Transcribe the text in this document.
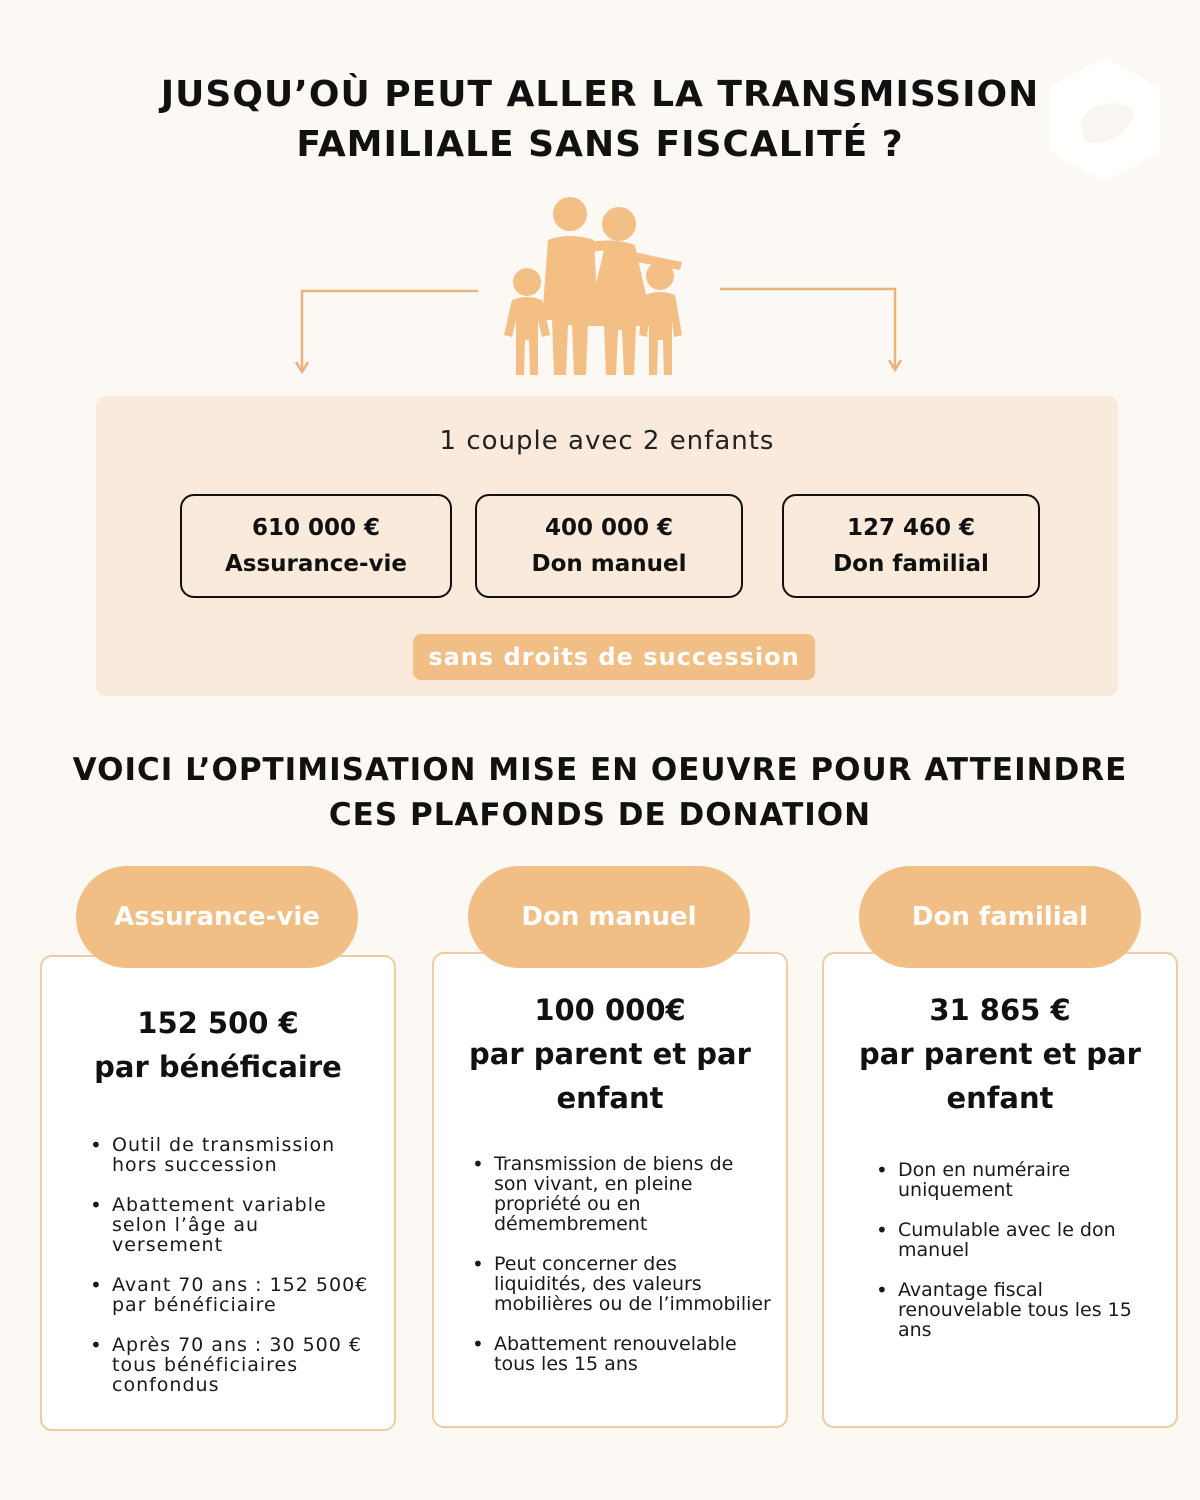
JUSQU’OÙ PEUT ALLER LA TRANSMISSION
FAMILIALE SANS FISCALITÉ ?
1 couple avec 2 enfants
610 000 €
Assurance-vie
400 000 €
Don manuel
127 460 €
Don familial
sans droits de succession
VOICI L’OPTIMISATION MISE EN OEUVRE POUR ATTEINDRE
CES PLAFONDS DE DONATION
152 500 €
par bénéficaire
• Outil de transmission hors succession
• Abattement variable selon l’âge au versement
• Avant 70 ans : 152 500€ par bénéficiaire
• Après 70 ans : 30 500 € tous bénéficiaires confondus
Assurance-vie
100 000€
par parent et par
enfant
• Transmission de biens de son vivant, en pleine propriété ou en démembrement
• Peut concerner des liquidités, des valeurs mobilières ou de l’immobilier
• Abattement renouvelable tous les 15 ans
Don manuel
31 865 €
par parent et par
enfant
• Don en numéraire uniquement
• Cumulable avec le don manuel
• Avantage fiscal renouvelable tous les 15 ans
Don familial
